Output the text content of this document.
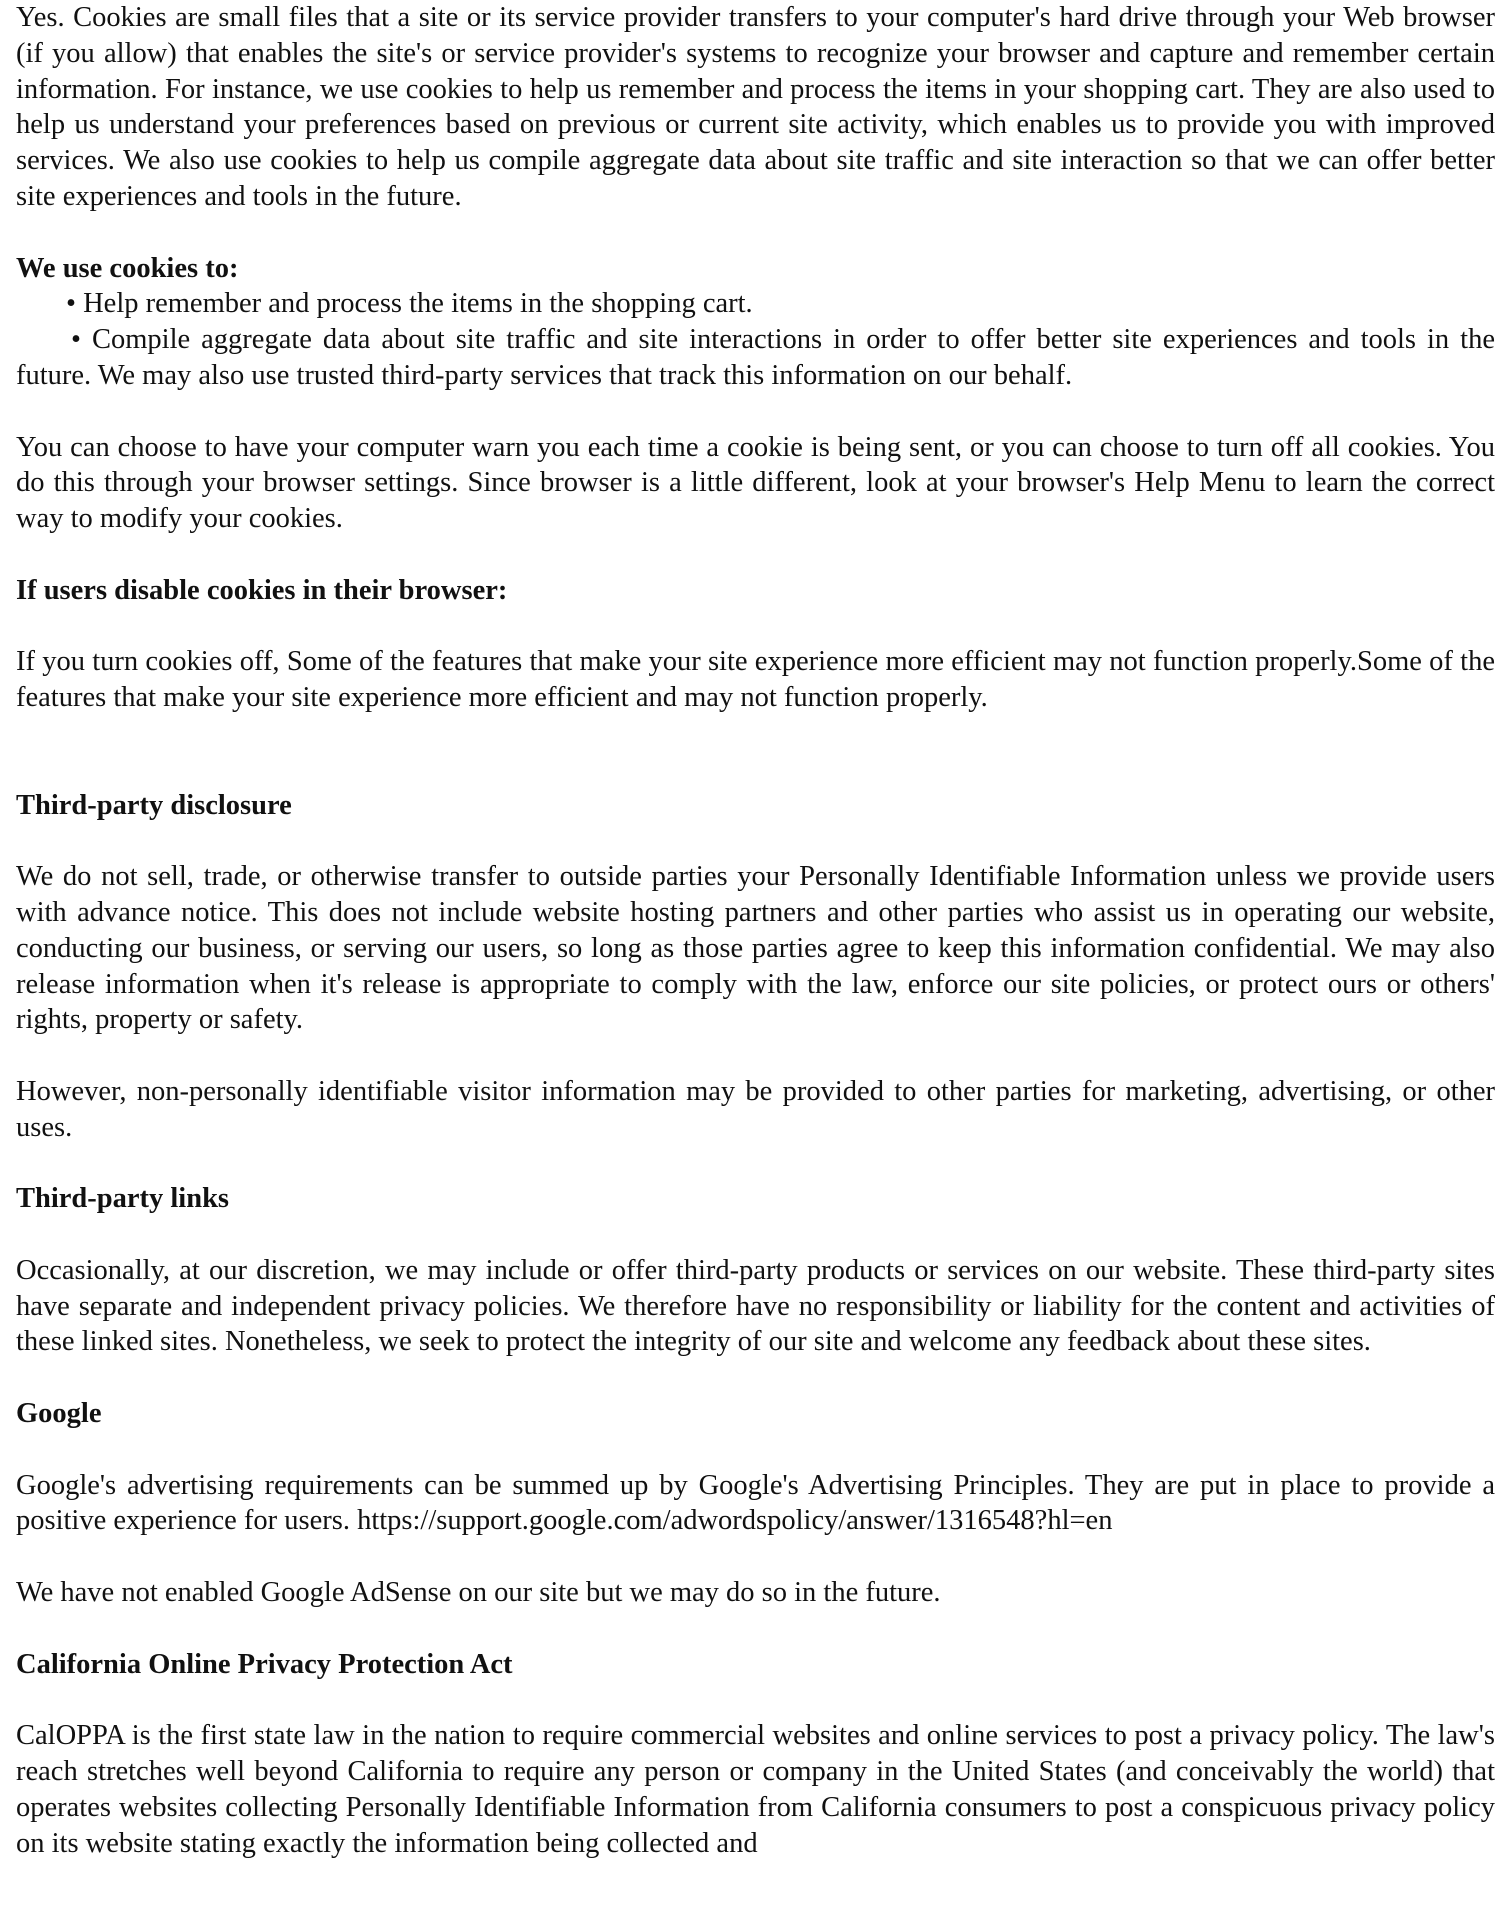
Yes. Cookies are small files that a site or its service provider transfers to your computer's hard drive through your Web browser (if you allow) that enables the site's or service provider's systems to recognize your browser and capture and remember certain information. For instance, we use cookies to help us remember and process the items in your shopping cart. They are also used to help us understand your preferences based on previous or current site activity, which enables us to provide you with improved services. We also use cookies to help us compile aggregate data about site traffic and site interaction so that we can offer better site experiences and tools in the future.

We use cookies to:

• Help remember and process the items in the shopping cart.

• Compile aggregate data about site traffic and site interactions in order to offer better site experiences and tools in the future. We may also use trusted third-party services that track this information on our behalf.

You can choose to have your computer warn you each time a cookie is being sent, or you can choose to turn off all cookies. You do this through your browser settings. Since browser is a little different, look at your browser's Help Menu to learn the correct way to modify your cookies.

If users disable cookies in their browser:

If you turn cookies off, Some of the features that make your site experience more efficient may not function properly.Some of the features that make your site experience more efficient and may not function properly.

Third-party disclosure

We do not sell, trade, or otherwise transfer to outside parties your Personally Identifiable Information unless we provide users with advance notice. This does not include website hosting partners and other parties who assist us in operating our website, conducting our business, or serving our users, so long as those parties agree to keep this information confidential. We may also release information when it's release is appropriate to comply with the law, enforce our site policies, or protect ours or others' rights, property or safety.

However, non-personally identifiable visitor information may be provided to other parties for marketing, advertising, or other uses.

Third-party links

Occasionally, at our discretion, we may include or offer third-party products or services on our website. These third-party sites have separate and independent privacy policies. We therefore have no responsibility or liability for the content and activities of these linked sites. Nonetheless, we seek to protect the integrity of our site and welcome any feedback about these sites.

Google

Google's advertising requirements can be summed up by Google's Advertising Principles. They are put in place to provide a positive experience for users. https://support.google.com/adwordspolicy/answer/1316548?hl=en

We have not enabled Google AdSense on our site but we may do so in the future.

California Online Privacy Protection Act

CalOPPA is the first state law in the nation to require commercial websites and online services to post a privacy policy. The law's reach stretches well beyond California to require any person or company in the United States (and conceivably the world) that operates websites collecting Personally Identifiable Information from California consumers to post a conspicuous privacy policy on its website stating exactly the information being collected and
